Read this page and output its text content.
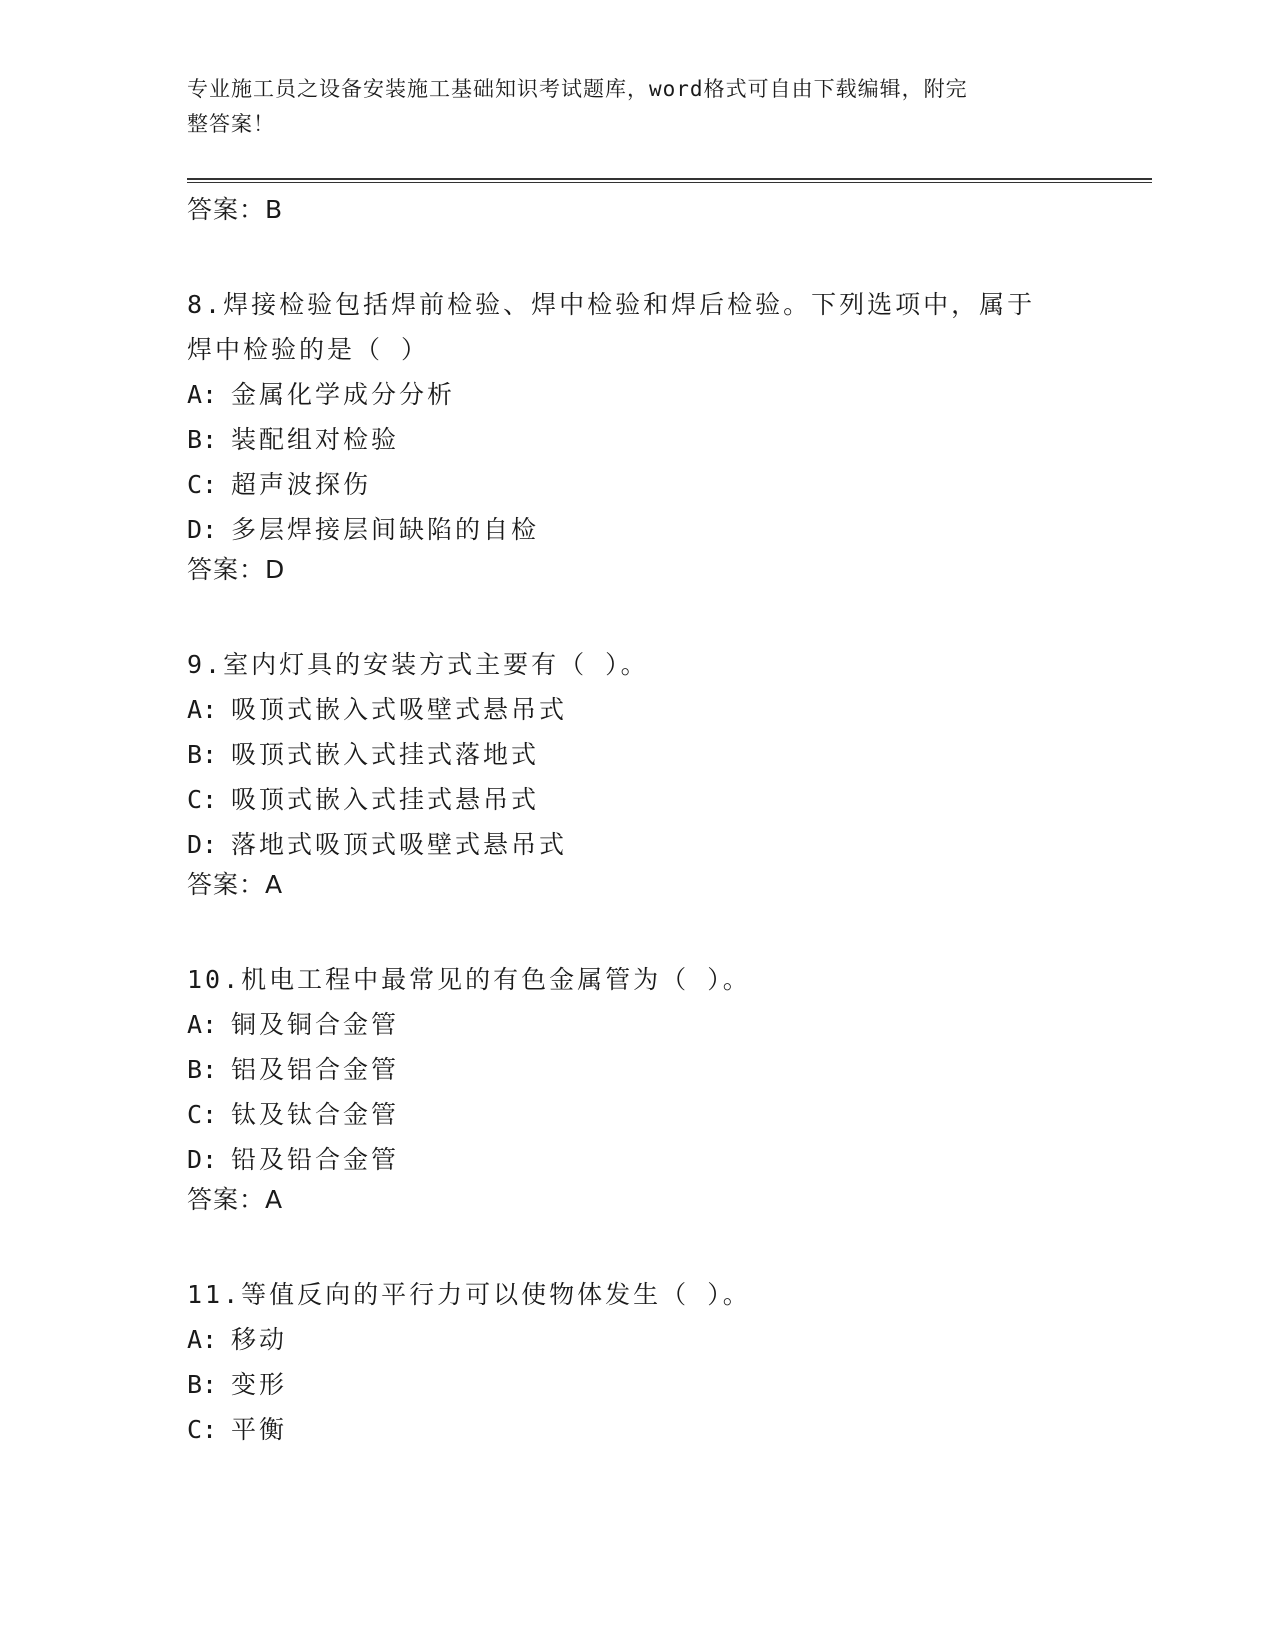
专业施工员之设备安装施工基础知识考试题库，word格式可自由下载编辑，附完
整答案！
答案：B
8.焊接检验包括焊前检验、焊中检验和焊后检验。下列选项中，属于
焊中检验的是（ ）
A: 金属化学成分分析
B: 装配组对检验
C: 超声波探伤
D: 多层焊接层间缺陷的自检
答案：D
9.室内灯具的安装方式主要有（ ）。
A: 吸顶式嵌入式吸壁式悬吊式
B: 吸顶式嵌入式挂式落地式
C: 吸顶式嵌入式挂式悬吊式
D: 落地式吸顶式吸壁式悬吊式
答案：A
10.机电工程中最常见的有色金属管为（ ）。
A: 铜及铜合金管
B: 铝及铝合金管
C: 钛及钛合金管
D: 铅及铅合金管
答案：A
11.等值反向的平行力可以使物体发生（ ）。
A: 移动
B: 变形
C: 平衡
